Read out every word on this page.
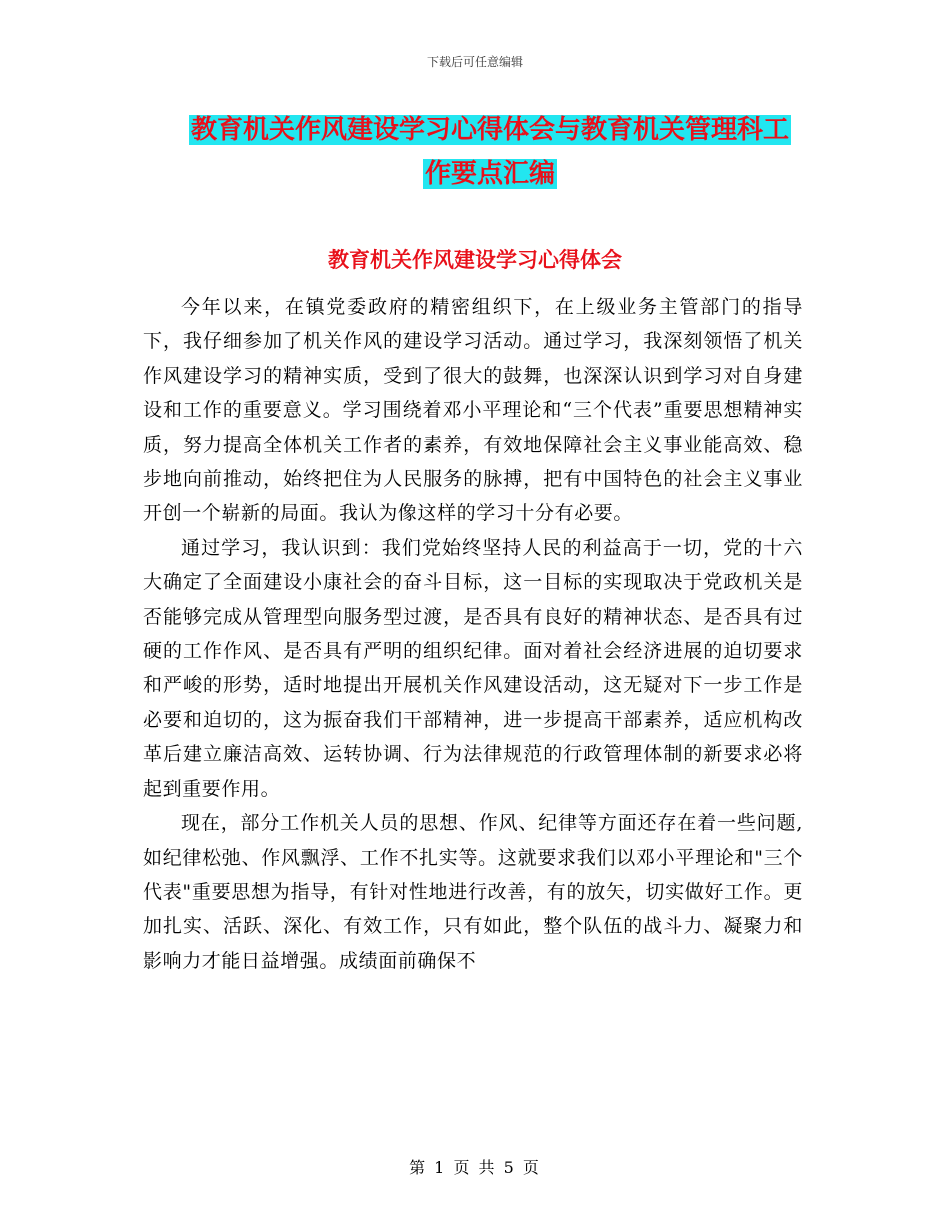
下载后可任意编辑
教育机关作风建设学习心得体会与教育机关管理科工
作要点汇编
教育机关作风建设学习心得体会

今年以来，在镇党委政府的精密组织下，在上级业务主管部门的指导下，我仔细参加了机关作风的建设学习活动。通过学习，我深刻领悟了机关作风建设学习的精神实质，受到了很大的鼓舞，也深深认识到学习对自身建设和工作的重要意义。学习围绕着邓小平理论和“三个代表”重要思想精神实质，努力提高全体机关工作者的素养，有效地保障社会主义事业能高效、稳步地向前推动，始终把住为人民服务的脉搏，把有中国特色的社会主义事业开创一个崭新的局面。我认为像这样的学习十分有必要。

通过学习，我认识到：我们党始终坚持人民的利益高于一切，党的十六大确定了全面建设小康社会的奋斗目标，这一目标的实现取决于党政机关是否能够完成从管理型向服务型过渡，是否具有良好的精神状态、是否具有过硬的工作作风、是否具有严明的组织纪律。面对着社会经济进展的迫切要求和严峻的形势，适时地提出开展机关作风建设活动，这无疑对下一步工作是必要和迫切的，这为振奋我们干部精神，进一步提高干部素养，适应机构改革后建立廉洁高效、运转协调、行为法律规范的行政管理体制的新要求必将起到重要作用。

现在，部分工作机关人员的思想、作风、纪律等方面还存在着一些问题,如纪律松弛、作风飘浮、工作不扎实等。这就要求我们以邓小平理论和"三个代表"重要思想为指导，有针对性地进行改善，有的放矢，切实做好工作。更加扎实、活跃、深化、有效工作，只有如此，整个队伍的战斗力、凝聚力和影响力才能日益增强。成绩面前确保不

第 1 页 共 5 页
